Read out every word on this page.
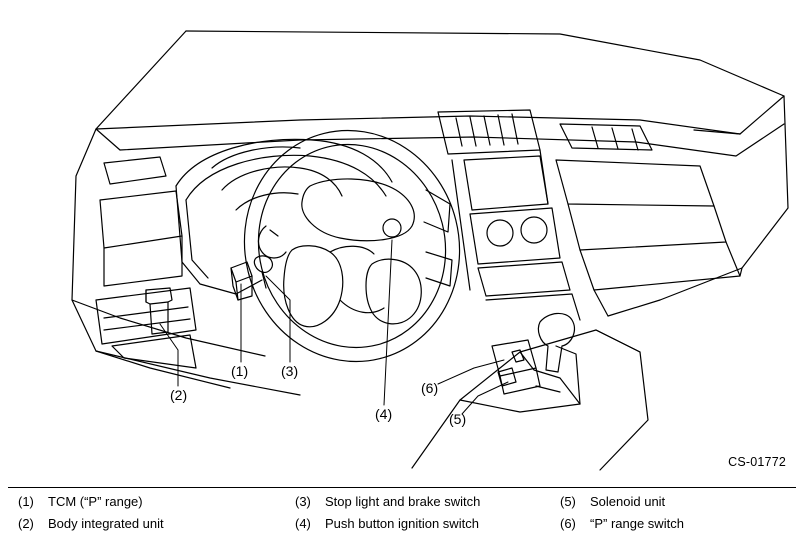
(1)
(2)
(3)
(4)	(5)
(6)
CS-01772
(1)	TCM (“P” range)
(2)	Body integrated unit
(3)	Stop light and brake switch
(4)	Push button ignition switch
(5)	Solenoid unit
(6)	“P” range switch
